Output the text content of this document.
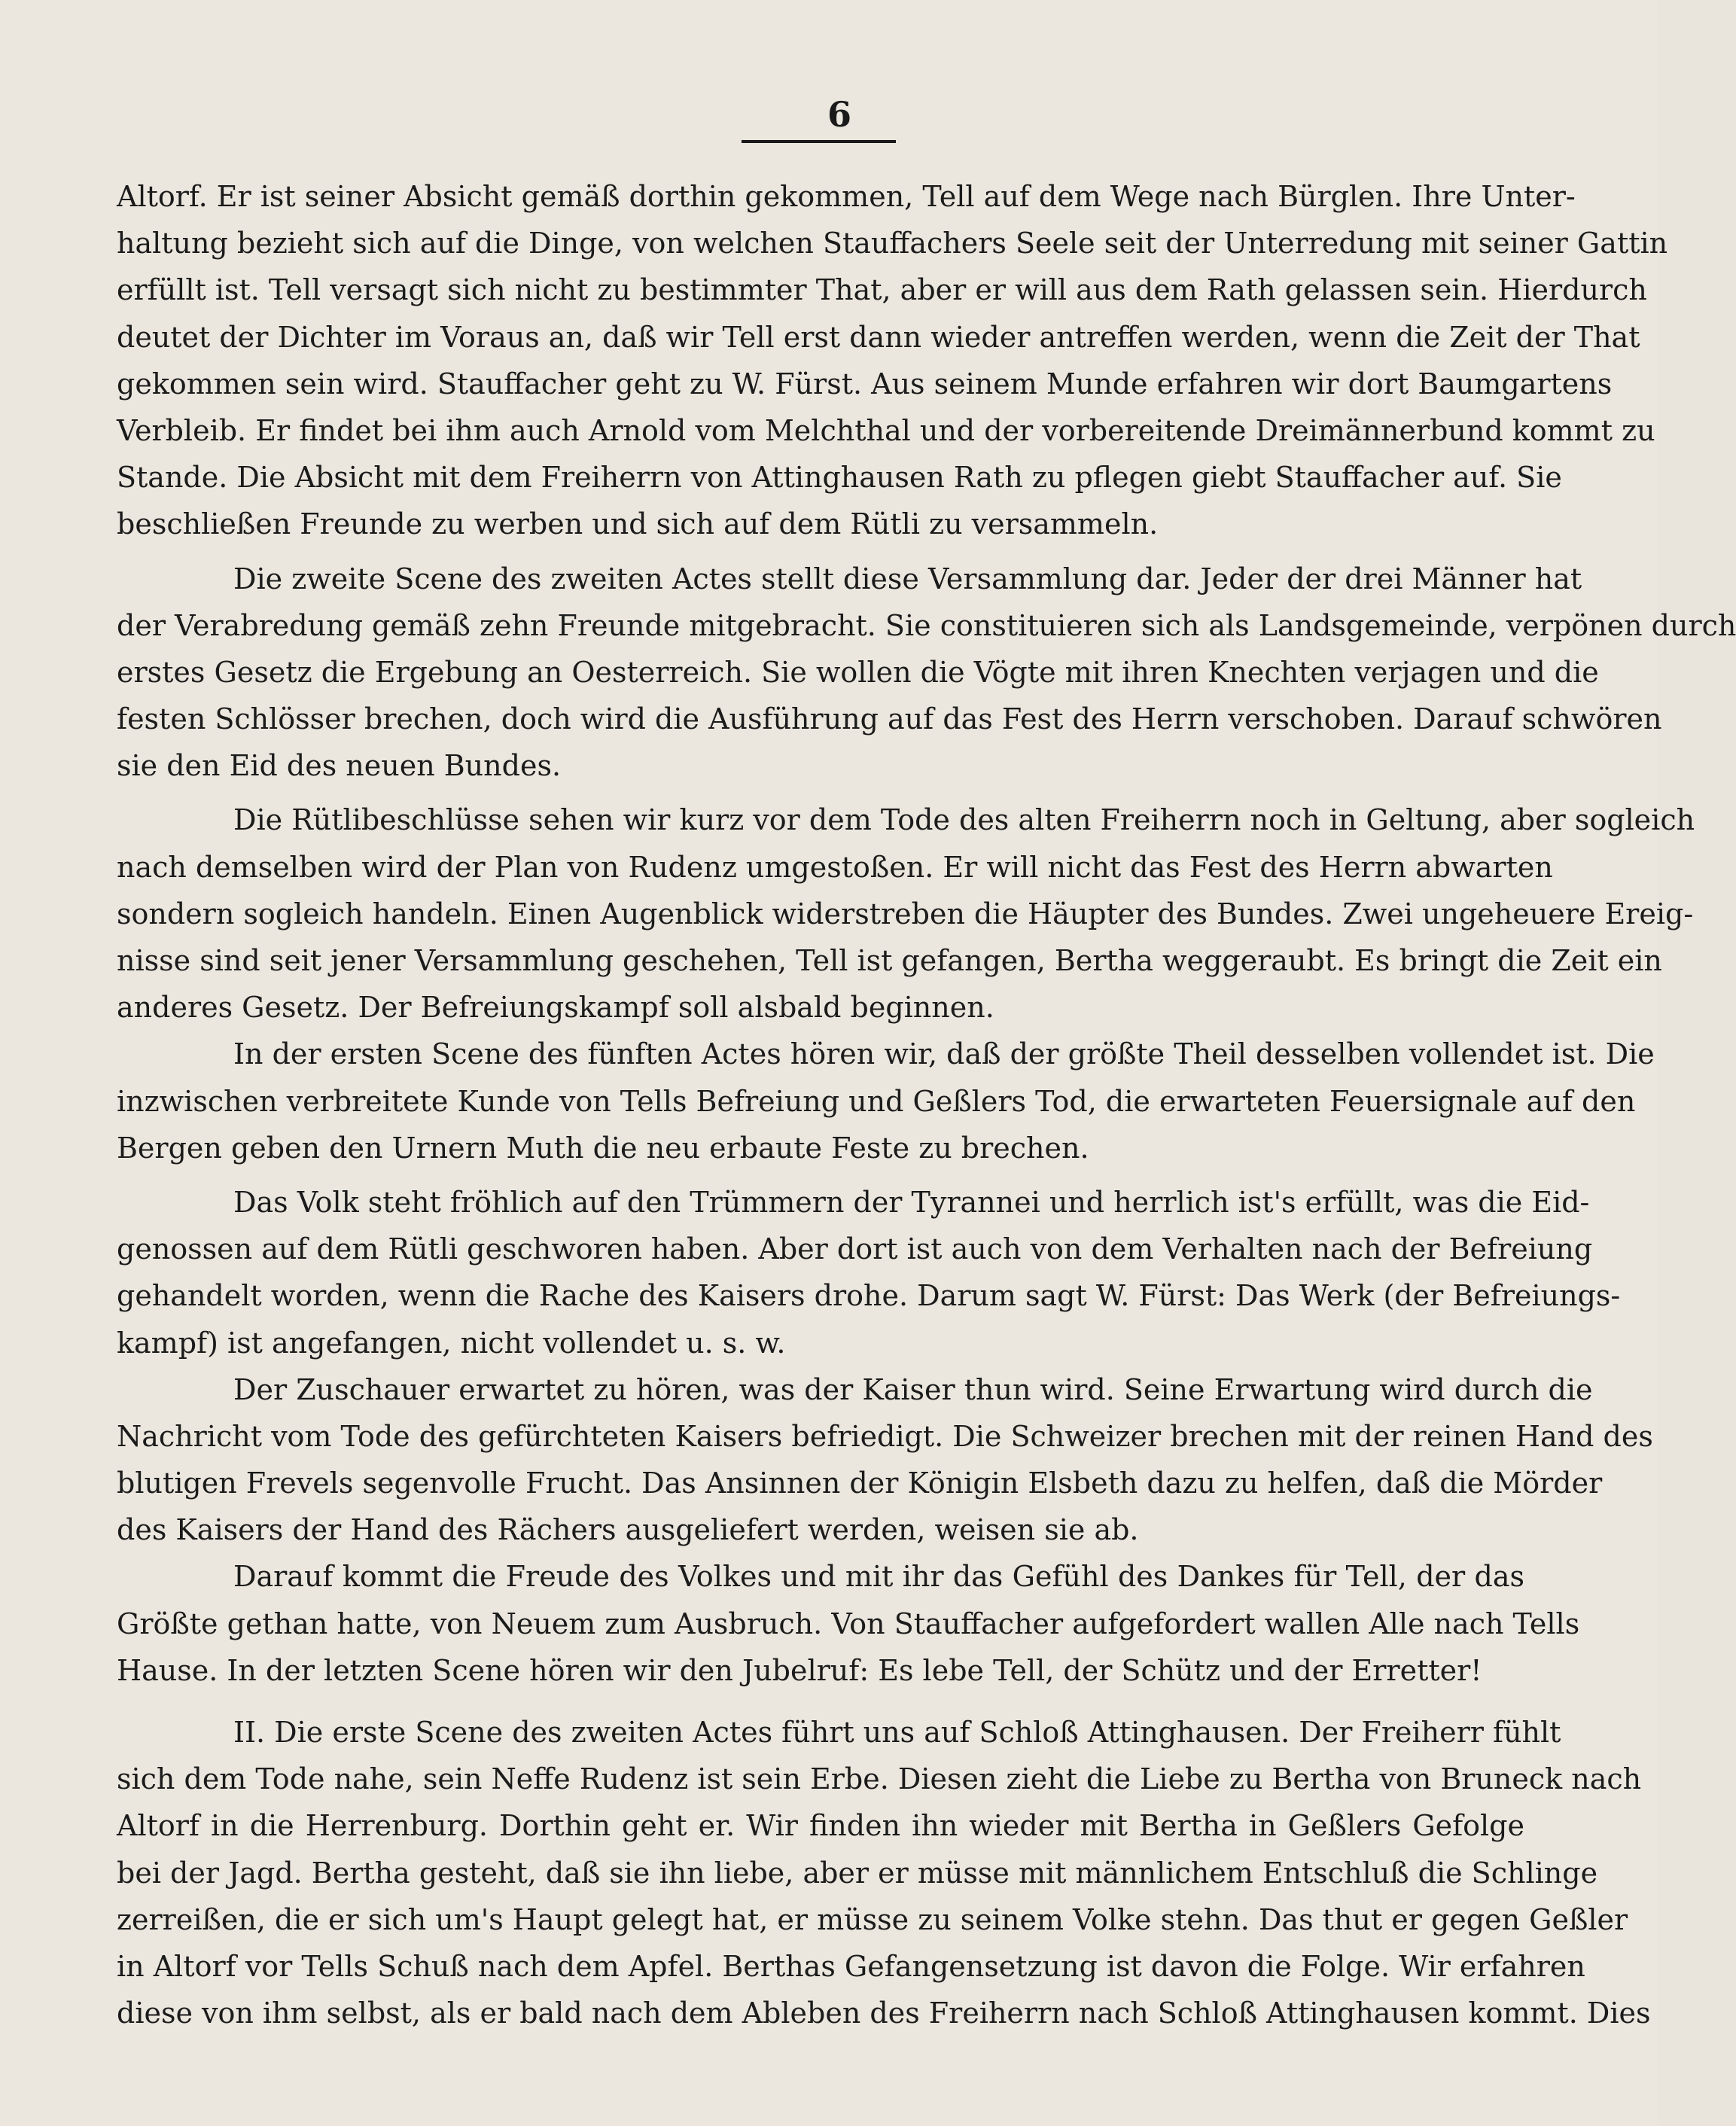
6
Altorf. Er ist seiner Absicht gemäß dorthin gekommen, Tell auf dem Wege nach Bürglen. Ihre Unter-
haltung bezieht sich auf die Dinge, von welchen Stauffachers Seele seit der Unterredung mit seiner Gattin
erfüllt ist. Tell versagt sich nicht zu bestimmter That, aber er will aus dem Rath gelassen sein. Hierdurch
deutet der Dichter im Voraus an, daß wir Tell erst dann wieder antreffen werden, wenn die Zeit der That
gekommen sein wird. Stauffacher geht zu W. Fürst. Aus seinem Munde erfahren wir dort Baumgartens
Verbleib. Er findet bei ihm auch Arnold vom Melchthal und der vorbereitende Dreimännerbund kommt zu
Stande. Die Absicht mit dem Freiherrn von Attinghausen Rath zu pflegen giebt Stauffacher auf. Sie
beschließen Freunde zu werben und sich auf dem Rütli zu versammeln.
Die zweite Scene des zweiten Actes stellt diese Versammlung dar. Jeder der drei Männer hat
der Verabredung gemäß zehn Freunde mitgebracht. Sie constituieren sich als Landsgemeinde, verpönen durch
erstes Gesetz die Ergebung an Oesterreich. Sie wollen die Vögte mit ihren Knechten verjagen und die
festen Schlösser brechen, doch wird die Ausführung auf das Fest des Herrn verschoben. Darauf schwören
sie den Eid des neuen Bundes.
Die Rütlibeschlüsse sehen wir kurz vor dem Tode des alten Freiherrn noch in Geltung, aber sogleich
nach demselben wird der Plan von Rudenz umgestoßen. Er will nicht das Fest des Herrn abwarten
sondern sogleich handeln. Einen Augenblick widerstreben die Häupter des Bundes. Zwei ungeheuere Ereig-
nisse sind seit jener Versammlung geschehen, Tell ist gefangen, Bertha weggeraubt. Es bringt die Zeit ein
anderes Gesetz. Der Befreiungskampf soll alsbald beginnen.
In der ersten Scene des fünften Actes hören wir, daß der größte Theil desselben vollendet ist. Die
inzwischen verbreitete Kunde von Tells Befreiung und Geßlers Tod, die erwarteten Feuersignale auf den
Bergen geben den Urnern Muth die neu erbaute Feste zu brechen.
Das Volk steht fröhlich auf den Trümmern der Tyrannei und herrlich ist's erfüllt, was die Eid-
genossen auf dem Rütli geschworen haben. Aber dort ist auch von dem Verhalten nach der Befreiung
gehandelt worden, wenn die Rache des Kaisers drohe. Darum sagt W. Fürst: Das Werk (der Befreiungs-
kampf) ist angefangen, nicht vollendet u. s. w.
Der Zuschauer erwartet zu hören, was der Kaiser thun wird. Seine Erwartung wird durch die
Nachricht vom Tode des gefürchteten Kaisers befriedigt. Die Schweizer brechen mit der reinen Hand des
blutigen Frevels segenvolle Frucht. Das Ansinnen der Königin Elsbeth dazu zu helfen, daß die Mörder
des Kaisers der Hand des Rächers ausgeliefert werden, weisen sie ab.
Darauf kommt die Freude des Volkes und mit ihr das Gefühl des Dankes für Tell, der das
Größte gethan hatte, von Neuem zum Ausbruch. Von Stauffacher aufgefordert wallen Alle nach Tells
Hause. In der letzten Scene hören wir den Jubelruf: Es lebe Tell, der Schütz und der Erretter!
II. Die erste Scene des zweiten Actes führt uns auf Schloß Attinghausen. Der Freiherr fühlt
sich dem Tode nahe, sein Neffe Rudenz ist sein Erbe. Diesen zieht die Liebe zu Bertha von Bruneck nach
Altorf in die Herrenburg. Dorthin geht er. Wir finden ihn wieder mit Bertha in Geßlers Gefolge
bei der Jagd. Bertha gesteht, daß sie ihn liebe, aber er müsse mit männlichem Entschluß die Schlinge
zerreißen, die er sich um's Haupt gelegt hat, er müsse zu seinem Volke stehn. Das thut er gegen Geßler
in Altorf vor Tells Schuß nach dem Apfel. Berthas Gefangensetzung ist davon die Folge. Wir erfahren
diese von ihm selbst, als er bald nach dem Ableben des Freiherrn nach Schloß Attinghausen kommt. Dies
